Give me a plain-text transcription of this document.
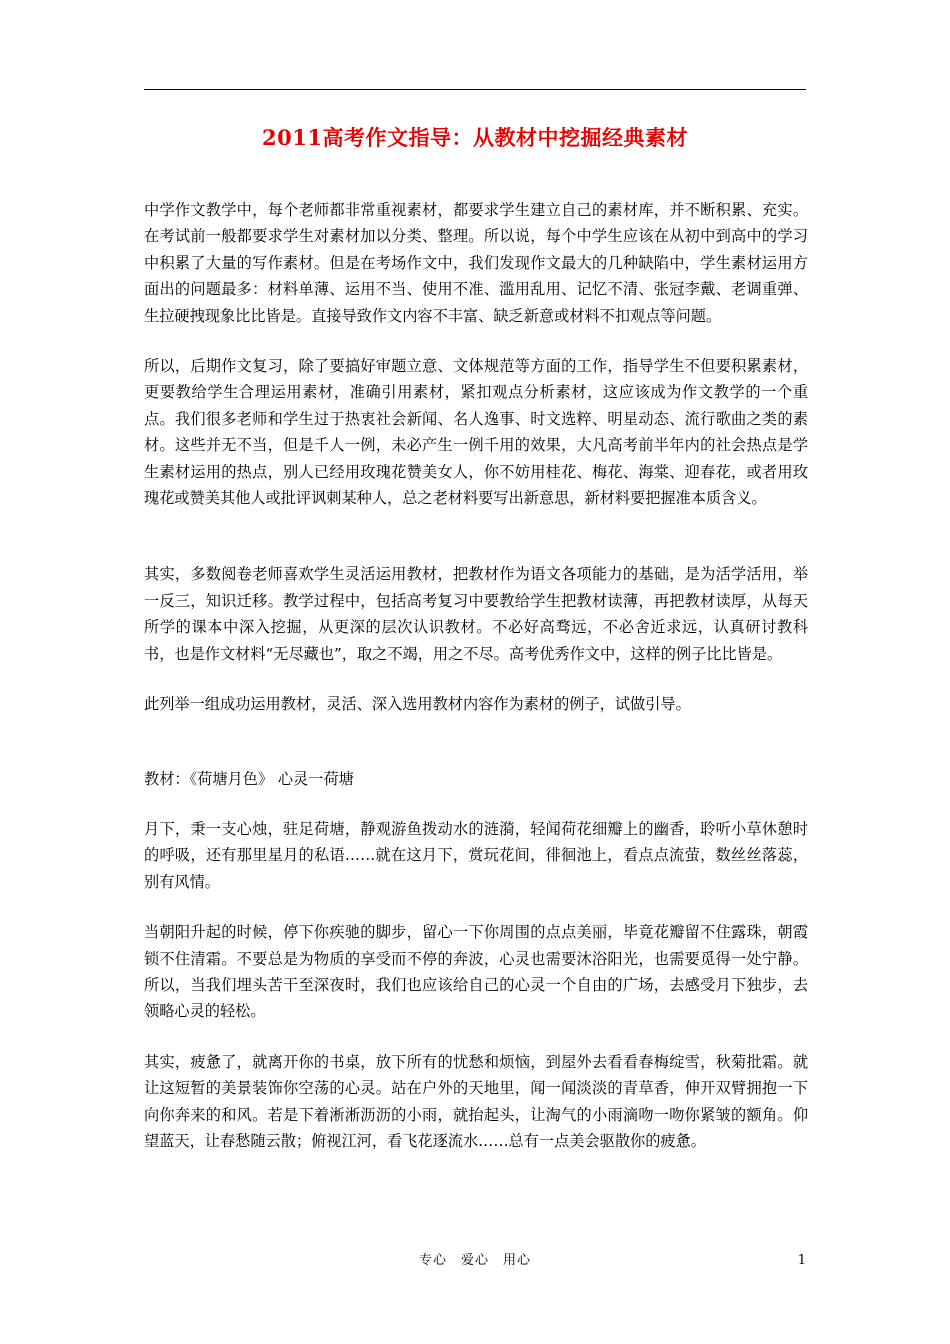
2011高考作文指导：从教材中挖掘经典素材

中学作文教学中，每个老师都非常重视素材，都要求学生建立自己的素材库，并不断积累、充实。在考试前一般都要求学生对素材加以分类、整理。所以说，每个中学生应该在从初中到高中的学习中积累了大量的写作素材。但是在考场作文中，我们发现作文最大的几种缺陷中，学生素材运用方面出的问题最多：材料单薄、运用不当、使用不准、滥用乱用、记忆不清、张冠李戴、老调重弹、生拉硬拽现象比比皆是。直接导致作文内容不丰富、缺乏新意或材料不扣观点等问题。

所以，后期作文复习，除了要搞好审题立意、文体规范等方面的工作，指导学生不但要积累素材，更要教给学生合理运用素材，准确引用素材，紧扣观点分析素材，这应该成为作文教学的一个重点。我们很多老师和学生过于热衷社会新闻、名人逸事、时文选粹、明星动态、流行歌曲之类的素材。这些并无不当，但是千人一例，未必产生一例千用的效果，大凡高考前半年内的社会热点是学生素材运用的热点，别人已经用玫瑰花赞美女人，你不妨用桂花、梅花、海棠、迎春花，或者用玫瑰花或赞美其他人或批评讽刺某种人，总之老材料要写出新意思，新材料要把握准本质含义。

其实，多数阅卷老师喜欢学生灵活运用教材，把教材作为语文各项能力的基础，是为活学活用，举一反三，知识迁移。教学过程中，包括高考复习中要教给学生把教材读薄，再把教材读厚，从每天所学的课本中深入挖掘，从更深的层次认识教材。不必好高骛远，不必舍近求远，认真研讨教科书，也是作文材料“无尽藏也”，取之不竭，用之不尽。高考优秀作文中，这样的例子比比皆是。

此列举一组成功运用教材，灵活、深入选用教材内容作为素材的例子，试做引导。

教材：《荷塘月色》 心灵一荷塘

月下，秉一支心烛，驻足荷塘，静观游鱼拨动水的涟漪，轻闻荷花细瓣上的幽香，聆听小草休憩时的呼吸，还有那里星月的私语……就在这月下，赏玩花间，徘徊池上，看点点流萤，数丝丝落蕊，别有风情。

当朝阳升起的时候，停下你疾驰的脚步，留心一下你周围的点点美丽，毕竟花瓣留不住露珠，朝霞锁不住清霜。不要总是为物质的享受而不停的奔波，心灵也需要沐浴阳光，也需要觅得一处宁静。所以，当我们埋头苦干至深夜时，我们也应该给自己的心灵一个自由的广场，去感受月下独步，去领略心灵的轻松。

其实，疲惫了，就离开你的书桌，放下所有的忧愁和烦恼，到屋外去看看春梅绽雪，秋菊批霜。就让这短暂的美景装饰你空荡的心灵。站在户外的天地里，闻一闻淡淡的青草香，伸开双臂拥抱一下向你奔来的和风。若是下着淅淅沥沥的小雨，就抬起头，让淘气的小雨滴吻一吻你紧皱的额角。仰望蓝天，让春愁随云散；俯视江河，看飞花逐流水……总有一点美会驱散你的疲惫。

专心　爱心　用心	1
